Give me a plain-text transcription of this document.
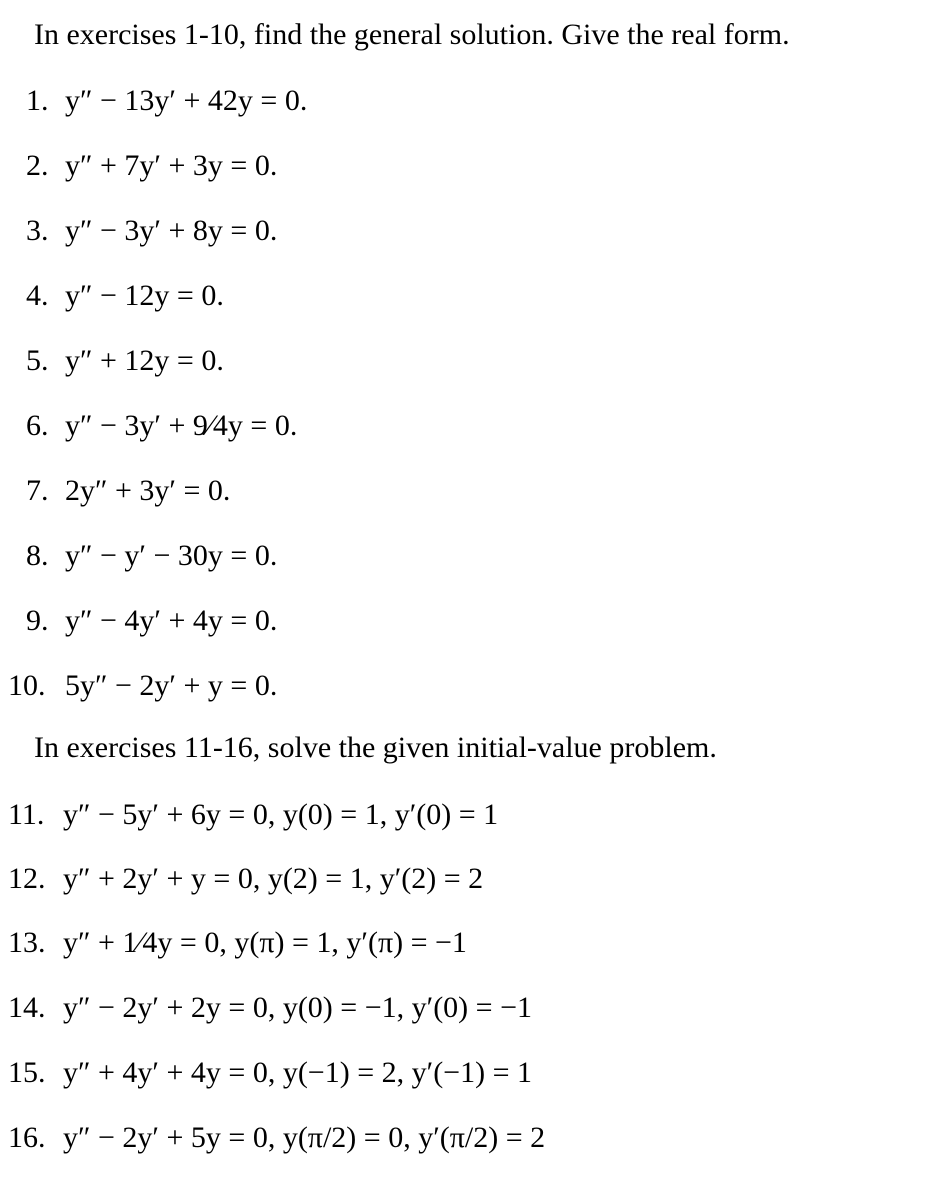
In exercises 1-10, find the general solution. Give the real form.
1. y″ − 13y′ + 42y = 0.
2. y″ + 7y′ + 3y = 0.
3. y″ − 3y′ + 8y = 0.
4. y″ − 12y = 0.
5. y″ + 12y = 0.
6. y″ − 3y′ + 9⁄4y = 0.
7. 2y″ + 3y′ = 0.
8. y″ − y′ − 30y = 0.
9. y″ − 4y′ + 4y = 0.
10. 5y″ − 2y′ + y = 0.
In exercises 11-16, solve the given initial-value problem.
11. y″ − 5y′ + 6y = 0, y(0) = 1, y′(0) = 1
12. y″ + 2y′ + y = 0, y(2) = 1, y′(2) = 2
13. y″ + 1⁄4y = 0, y(π) = 1, y′(π) = −1
14. y″ − 2y′ + 2y = 0, y(0) = −1, y′(0) = −1
15. y″ + 4y′ + 4y = 0, y(−1) = 2, y′(−1) = 1
16. y″ − 2y′ + 5y = 0, y(π/2) = 0, y′(π/2) = 2
